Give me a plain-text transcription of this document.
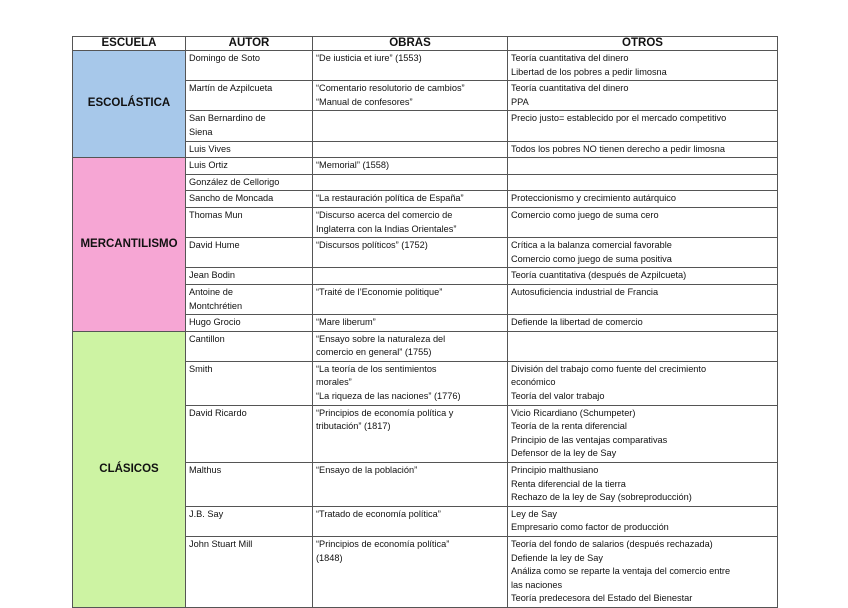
ESCUELA	AUTOR	OBRAS	OTROS
ESCOLÁSTICA	Domingo de Soto	“De iusticia et iure” (1553)	Teoría cuantitativa del dinero
Libertad de los pobres a pedir limosna

	Martín de Azpilcueta	“Comentario resolutorio de cambios”
“Manual de confesores”	Teoría cuantitativa del dinero
PPA

	San Bernardino de
Siena		Precio justo= establecido por el mercado competitivo

	Luis Vives		Todos los pobres NO tienen derecho a pedir limosna

MERCANTILISMO	Luis Ortiz	“Memorial” (1558)	

	González de Cellorigo		

	Sancho de Moncada	“La restauración política de España”	Proteccionismo y crecimiento autárquico

	Thomas Mun	“Discurso acerca del comercio de
Inglaterra con la Indias Orientales”	Comercio como juego de suma cero

	David Hume	“Discursos políticos” (1752)	Crítica a la balanza comercial favorable
Comercio como juego de suma positiva

	Jean Bodin		Teoría cuantitativa (después de Azpilcueta)

	Antoine de
Montchrétien	“Traité de l’Economie politique”	Autosuficiencia industrial de Francia

	Hugo Grocio	“Mare liberum”	Defiende la libertad de comercio

CLÁSICOS	Cantillon	“Ensayo sobre la naturaleza del
comercio en general” (1755)	

	Smith	“La teoría de los sentimientos
morales”
“La riqueza de las naciones” (1776)	División del trabajo como fuente del crecimiento
económico
Teoría del valor trabajo

	David Ricardo	“Principios de economía política y
tributación” (1817)	Vicio Ricardiano (Schumpeter)
Teoría de la renta diferencial
Principio de las ventajas comparativas
Defensor de la ley de Say

	Malthus	“Ensayo de la población”	Principio malthusiano
Renta diferencial de la tierra
Rechazo de la ley de Say (sobreproducción)

	J.B. Say	“Tratado de economía política”	Ley de Say
Empresario como factor de producción

	John Stuart Mill	“Principios de economía política”
(1848)	Teoría del fondo de salarios (después rechazada)
Defiende la ley de Say
Análiza como se reparte la ventaja del comercio entre
las naciones
Teoría predecesora del Estado del Bienestar
